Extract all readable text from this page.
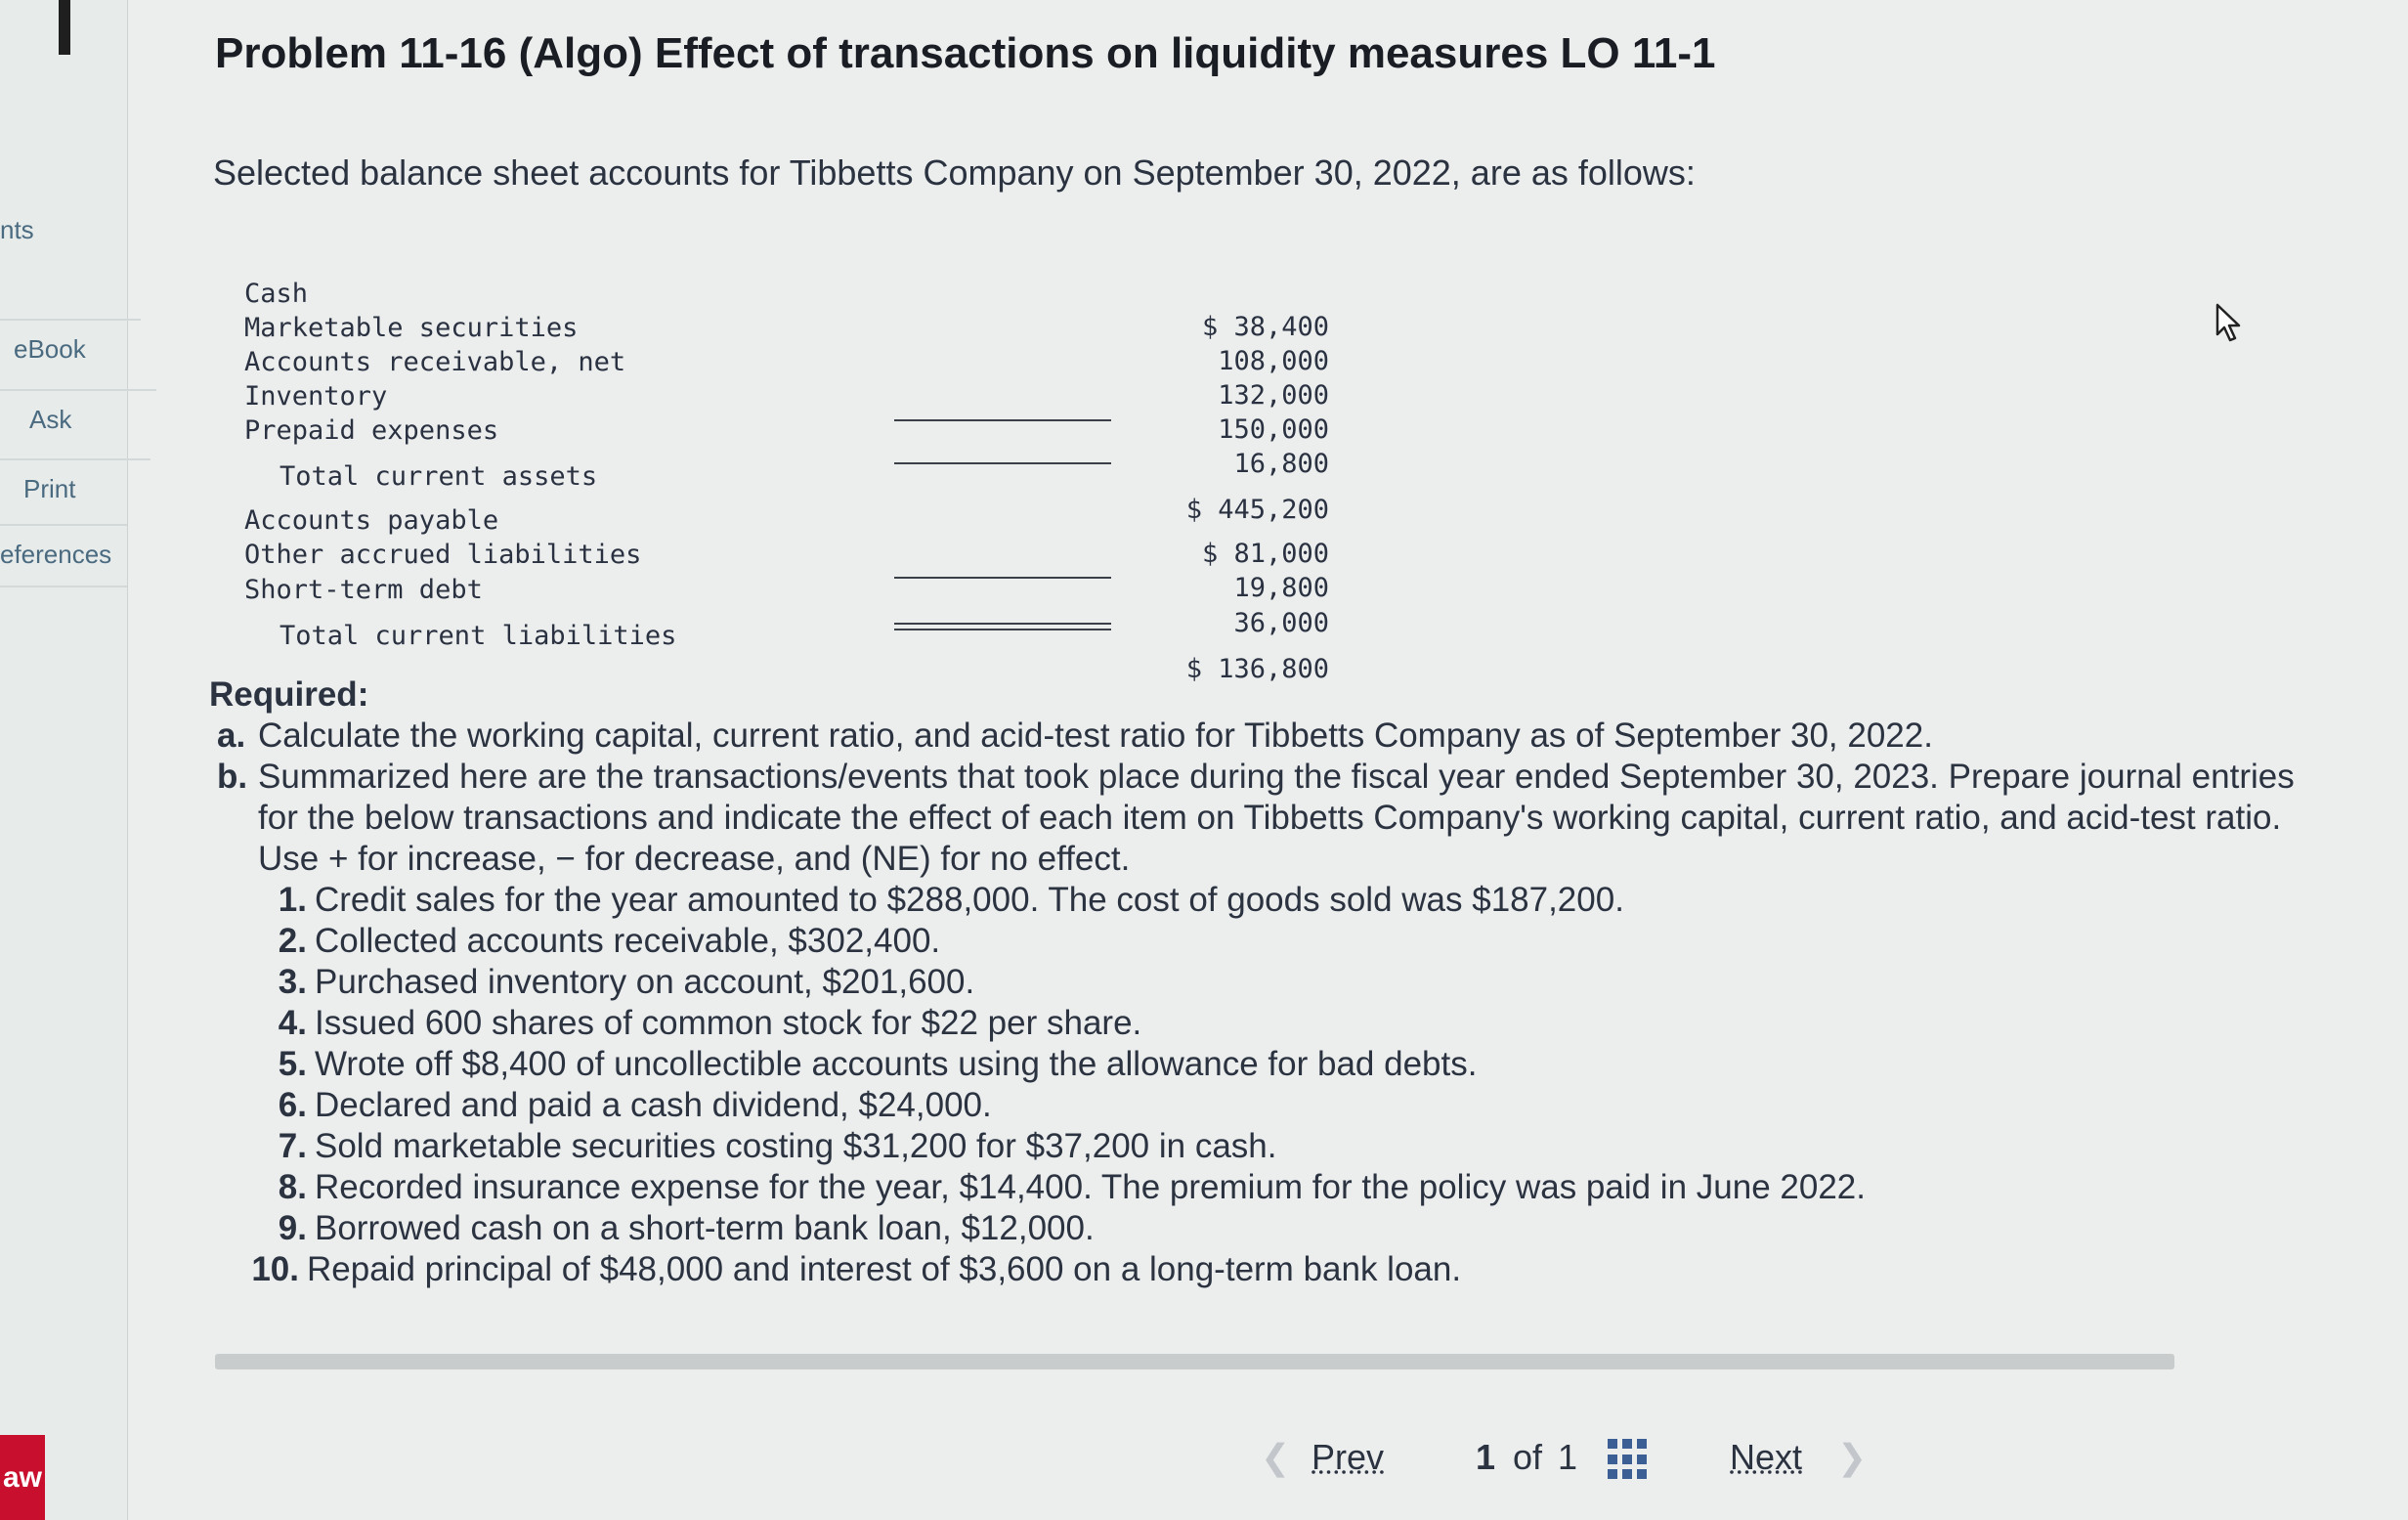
nts
eBook
Ask
Print
eferences
aw
Problem 11-16 (Algo) Effect of transactions on liquidity measures LO 11-1
Selected balance sheet accounts for Tibbetts Company on September 30, 2022, are as follows:

Cash

$ 38,400

Marketable securities

108,000

Accounts receivable, net

132,000

Inventory

150,000

Prepaid expenses

16,800

Total current assets

$ 445,200

Accounts payable

$ 81,000

Other accrued liabilities

19,800

Short-term debt

36,000

Total current liabilities

$ 136,800

Required:
a. Calculate the working capital, current ratio, and acid-test ratio for Tibbetts Company as of September 30, 2022.
b. Summarized here are the transactions/events that took place during the fiscal year ended September 30, 2023. Prepare journal entries for the below transactions and indicate the effect of each item on Tibbetts Company's working capital, current ratio, and acid-test ratio. Use + for increase, − for decrease, and (NE) for no effect.
1. Credit sales for the year amounted to $288,000. The cost of goods sold was $187,200.
2. Collected accounts receivable, $302,400.
3. Purchased inventory on account, $201,600.
4. Issued 600 shares of common stock for $22 per share.
5. Wrote off $8,400 of uncollectible accounts using the allowance for bad debts.
6. Declared and paid a cash dividend, $24,000.
7. Sold marketable securities costing $31,200 for $37,200 in cash.
8. Recorded insurance expense for the year, $14,400. The premium for the policy was paid in June 2022.
9. Borrowed cash on a short-term bank loan, $12,000.
10. Repaid principal of $48,000 and interest of $3,600 on a long-term bank loan.
❮ Prev	1 of 1	Next ❯
